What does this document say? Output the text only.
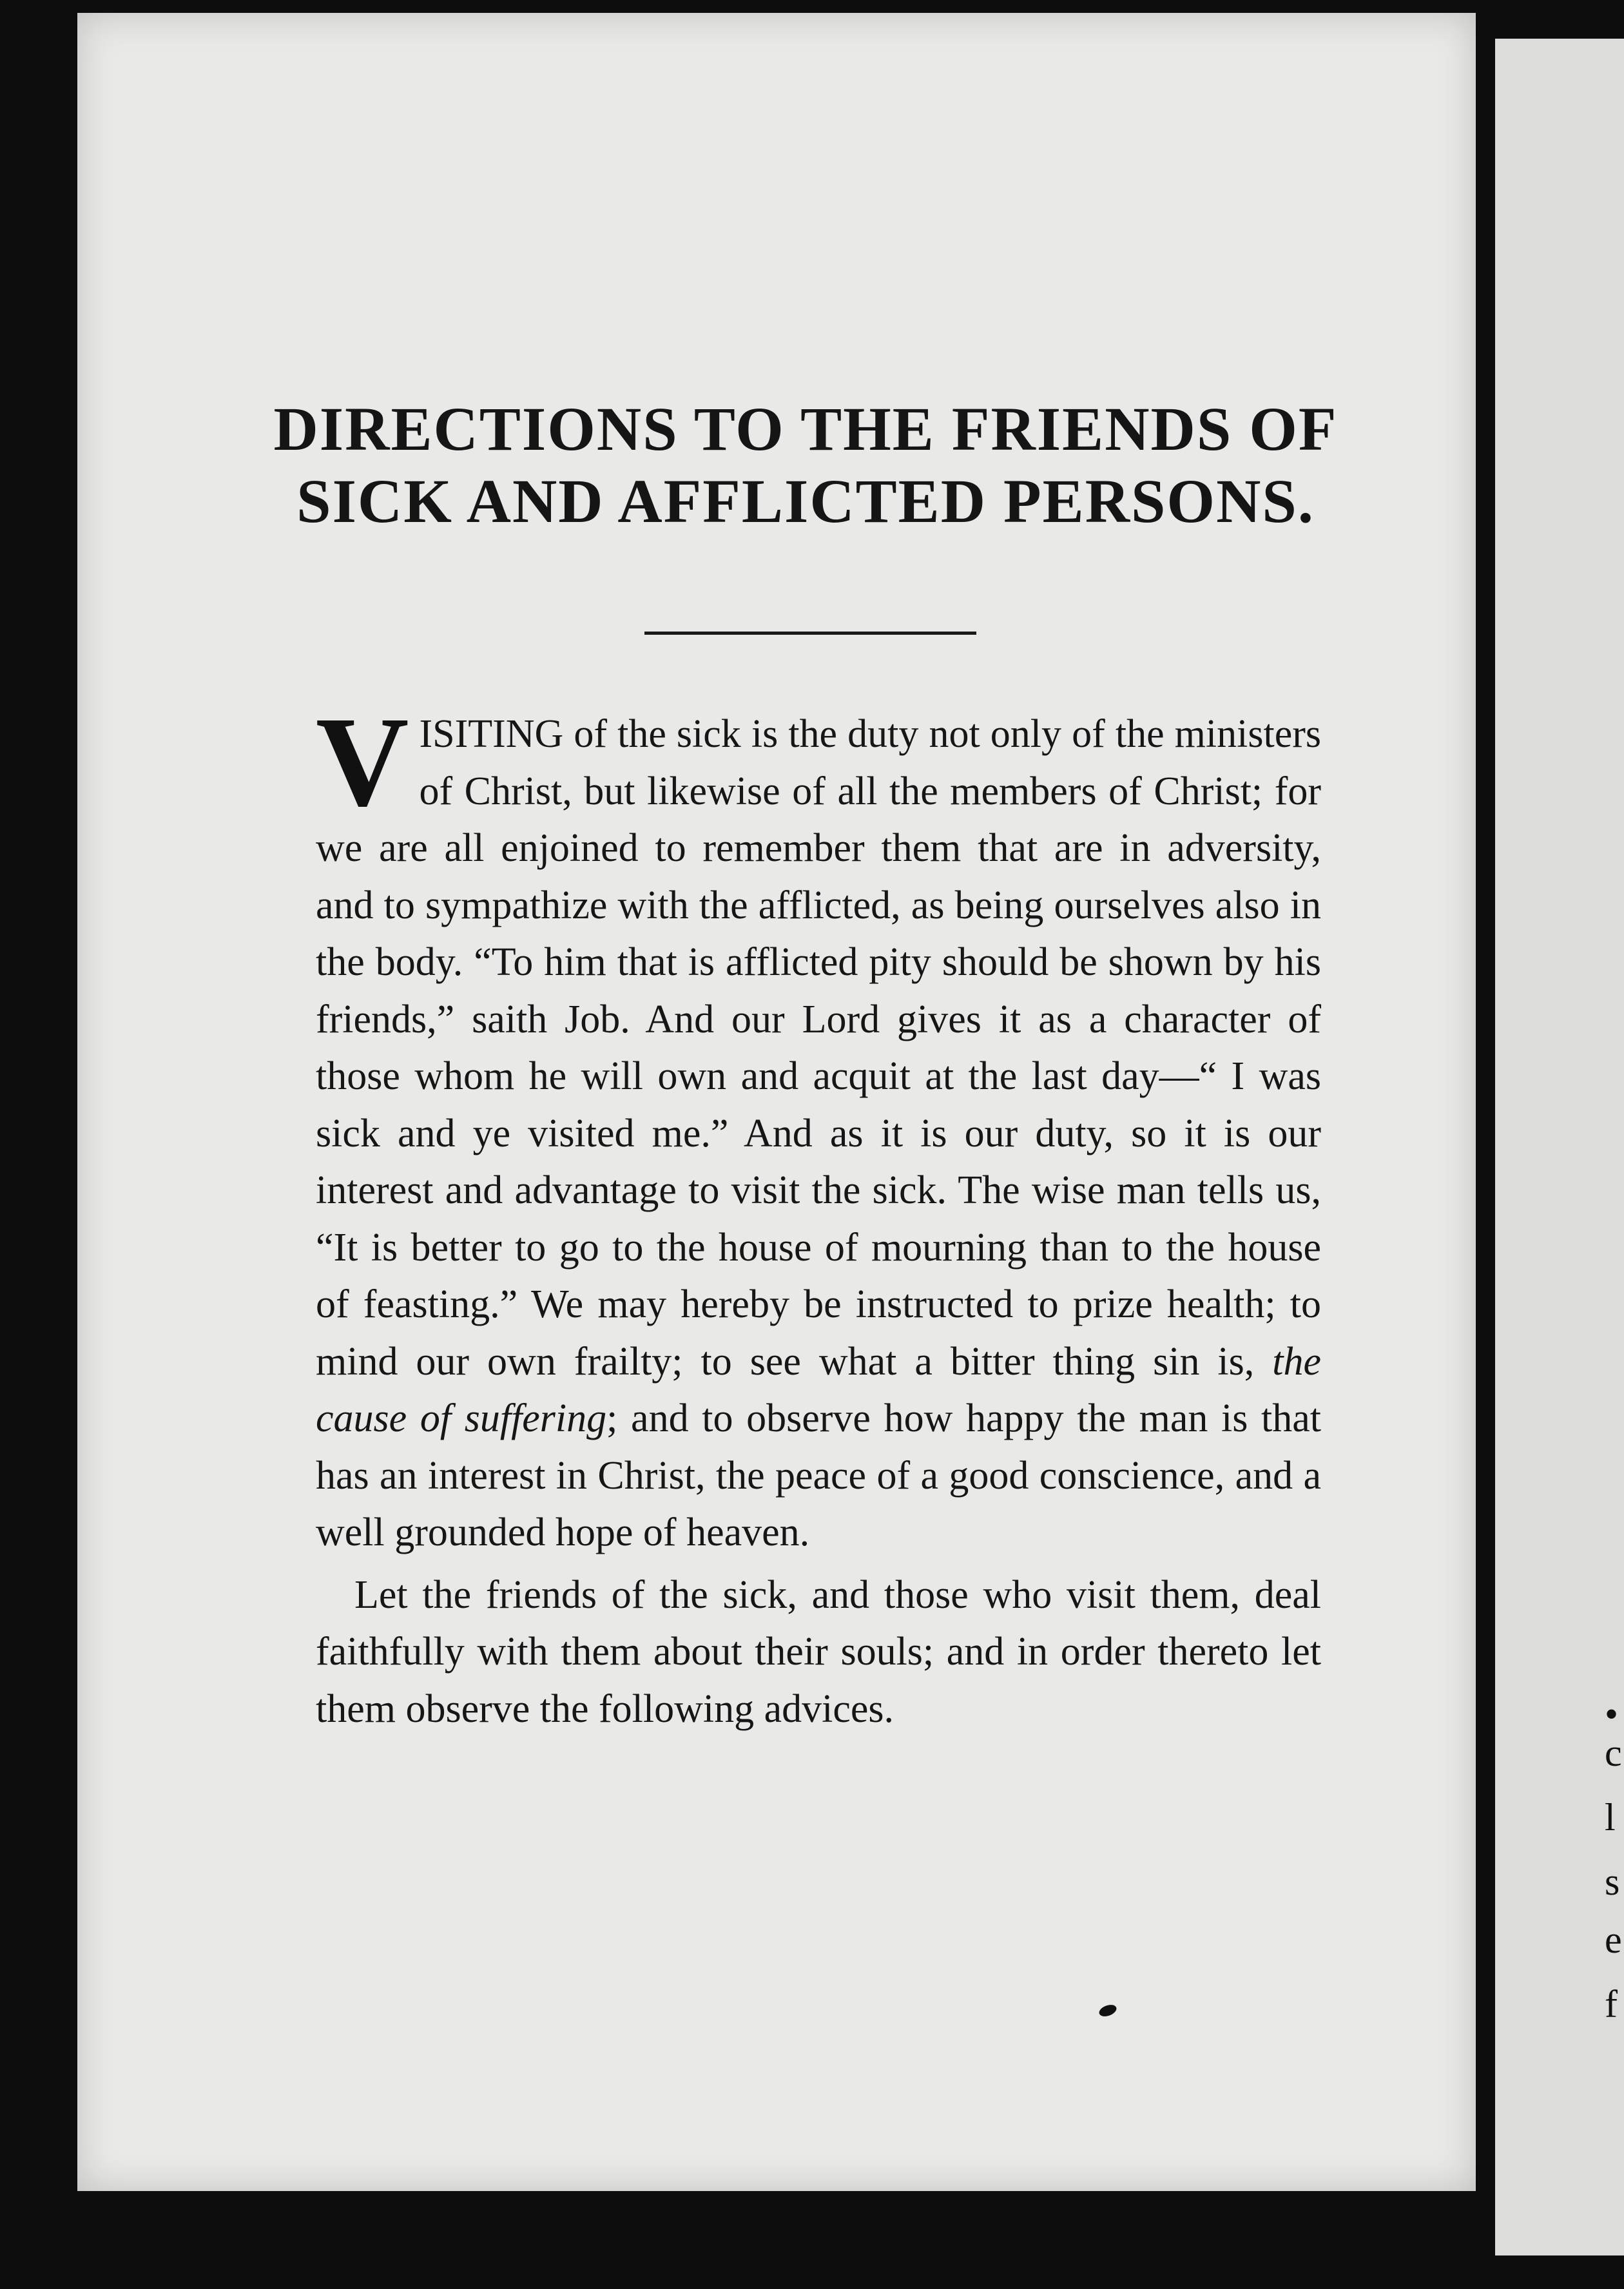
•
c
l
s
e
f
DIRECTIONS TO THE FRIENDS OF
SICK AND AFFLICTED PERSONS.

VISITING of the sick is the duty not only of the ministers of Christ, but likewise of all the members of Christ; for we are all enjoined to remember them that are in adversity, and to sympathize with the afflicted, as being ourselves also in the body. “To him that is afflicted pity should be shown by his friends,” saith Job. And our Lord gives it as a character of those whom he will own and acquit at the last day—“ I was sick and ye visited me.” And as it is our duty, so it is our interest and advantage to visit the sick. The wise man tells us, “It is better to go to the house of mourning than to the house of feasting.” We may hereby be instructed to prize health; to mind our own frailty; to see what a bitter thing sin is, the cause of suffering; and to observe how happy the man is that has an interest in Christ, the peace of a good conscience, and a well grounded hope of heaven.

Let the friends of the sick, and those who visit them, deal faithfully with them about their souls; and in order thereto let them observe the following advices.
